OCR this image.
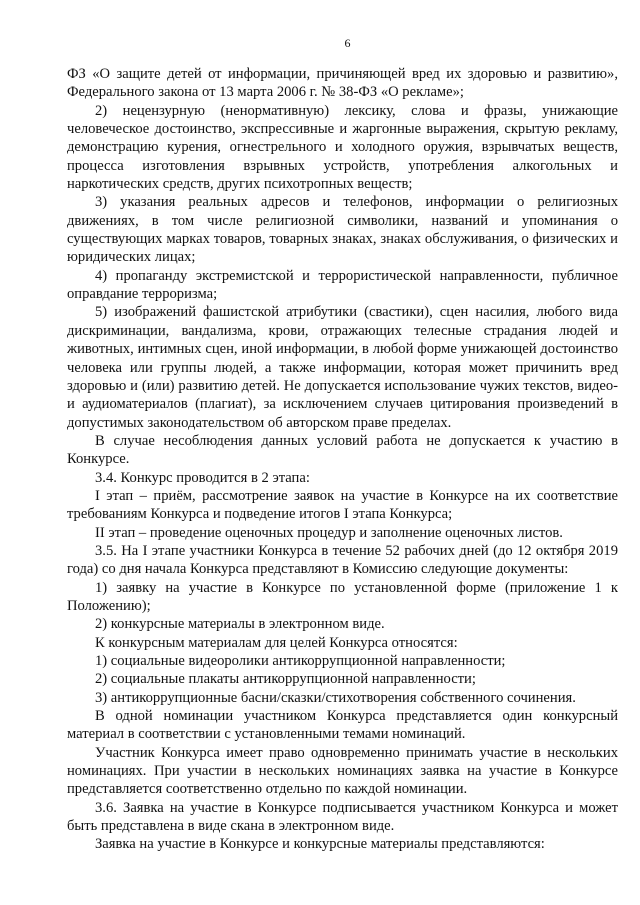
6

ФЗ «О защите детей от информации, причиняющей вред их здоровью и развитию», Федерального закона от 13 марта 2006 г. № 38-ФЗ «О рекламе»;

2) нецензурную (ненормативную) лексику, слова и фразы, унижающие человеческое достоинство, экспрессивные и жаргонные выражения, скрытую рекламу, демонстрацию курения, огнестрельного и холодного оружия, взрывчатых веществ, процесса изготовления взрывных устройств, употребления алкогольных и наркотических средств, других психотропных веществ;

3) указания реальных адресов и телефонов, информации о религиозных движениях, в том числе религиозной символики, названий и упоминания о существующих марках товаров, товарных знаках, знаках обслуживания, о физических и юридических лицах;

4) пропаганду экстремистской и террористической направленности, публичное оправдание терроризма;

5) изображений фашистской атрибутики (свастики), сцен насилия, любого вида дискриминации, вандализма, крови, отражающих телесные страдания людей и животных, интимных сцен, иной информации, в любой форме унижающей достоинство человека или группы людей, а также информации, которая может причинить вред здоровью и (или) развитию детей. Не допускается использование чужих текстов, видео- и аудиоматериалов (плагиат), за исключением случаев цитирования произведений в допустимых законодательством об авторском праве пределах.

В случае несоблюдения данных условий работа не допускается к участию в Конкурсе.

3.4. Конкурс проводится в 2 этапа:

I этап – приём, рассмотрение заявок на участие в Конкурсе на их соответствие требованиям Конкурса и подведение итогов I этапа Конкурса;

II этап – проведение оценочных процедур и заполнение оценочных листов.

3.5. На I этапе участники Конкурса в течение 52 рабочих дней (до 12 октября 2019 года) со дня начала Конкурса представляют в Комиссию следующие документы:

1) заявку на участие в Конкурсе по установленной форме (приложение 1 к Положению);

2) конкурсные материалы в электронном виде.

К конкурсным материалам для целей Конкурса относятся:

1) социальные видеоролики антикоррупционной направленности;

2) социальные плакаты антикоррупционной направленности;

3) антикоррупционные басни/сказки/стихотворения собственного сочинения.

В одной номинации участником Конкурса представляется один конкурсный материал в соответствии с установленными темами номинаций.

Участник Конкурса имеет право одновременно принимать участие в нескольких номинациях. При участии в нескольких номинациях заявка на участие в Конкурсе представляется соответственно отдельно по каждой номинации.

3.6. Заявка на участие в Конкурсе подписывается участником Конкурса и может быть представлена в виде скана в электронном виде.

Заявка на участие в Конкурсе и конкурсные материалы представляются:
